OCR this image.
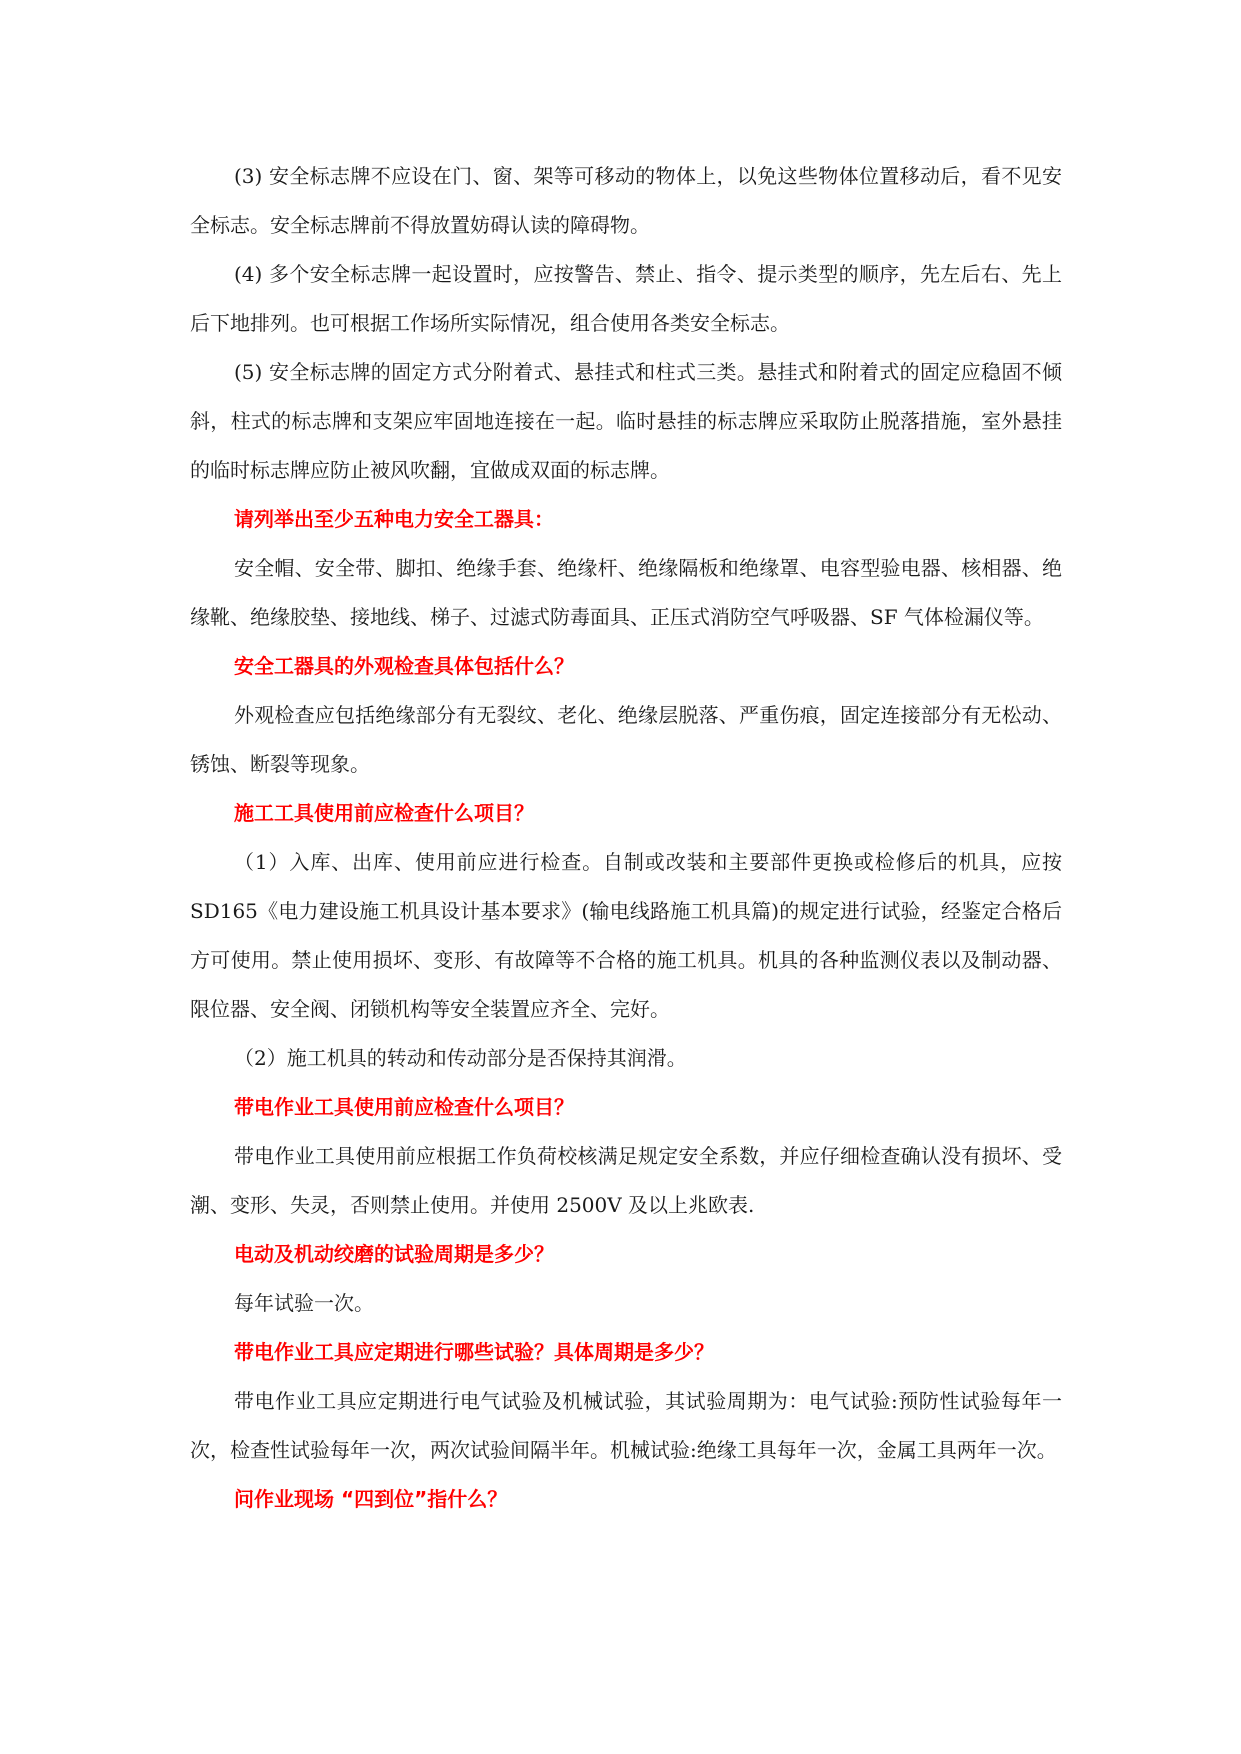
(3) 安全标志牌不应设在门、窗、架等可移动的物体上，以免这些物体位置移动后，看不见安全标志。安全标志牌前不得放置妨碍认读的障碍物。

(4) 多个安全标志牌一起设置时，应按警告、禁止、指令、提示类型的顺序，先左后右、先上后下地排列。也可根据工作场所实际情况，组合使用各类安全标志。

(5) 安全标志牌的固定方式分附着式、悬挂式和柱式三类。悬挂式和附着式的固定应稳固不倾斜，柱式的标志牌和支架应牢固地连接在一起。临时悬挂的标志牌应采取防止脱落措施，室外悬挂的临时标志牌应防止被风吹翻，宜做成双面的标志牌。

请列举出至少五种电力安全工器具：

安全帽、安全带、脚扣、绝缘手套、绝缘杆、绝缘隔板和绝缘罩、电容型验电器、核相器、绝缘靴、绝缘胶垫、接地线、梯子、过滤式防毒面具、正压式消防空气呼吸器、SF 气体检漏仪等。

安全工器具的外观检查具体包括什么？

外观检查应包括绝缘部分有无裂纹、老化、绝缘层脱落、严重伤痕，固定连接部分有无松动、锈蚀、断裂等现象。

施工工具使用前应检查什么项目？

（1）入库、出库、使用前应进行检查。自制或改装和主要部件更换或检修后的机具，应按 SD165《电力建设施工机具设计基本要求》(输电线路施工机具篇)的规定进行试验，经鉴定合格后方可使用。禁止使用损坏、变形、有故障等不合格的施工机具。机具的各种监测仪表以及制动器、限位器、安全阀、闭锁机构等安全装置应齐全、完好。

（2）施工机具的转动和传动部分是否保持其润滑。

带电作业工具使用前应检查什么项目？

带电作业工具使用前应根据工作负荷校核满足规定安全系数，并应仔细检查确认没有损坏、受潮、变形、失灵，否则禁止使用。并使用 2500V 及以上兆欧表.

电动及机动绞磨的试验周期是多少？

每年试验一次。

带电作业工具应定期进行哪些试验？具体周期是多少？

带电作业工具应定期进行电气试验及机械试验，其试验周期为：电气试验:预防性试验每年一次，检查性试验每年一次，两次试验间隔半年。机械试验:绝缘工具每年一次，金属工具两年一次。

问作业现场 “四到位”指什么？
